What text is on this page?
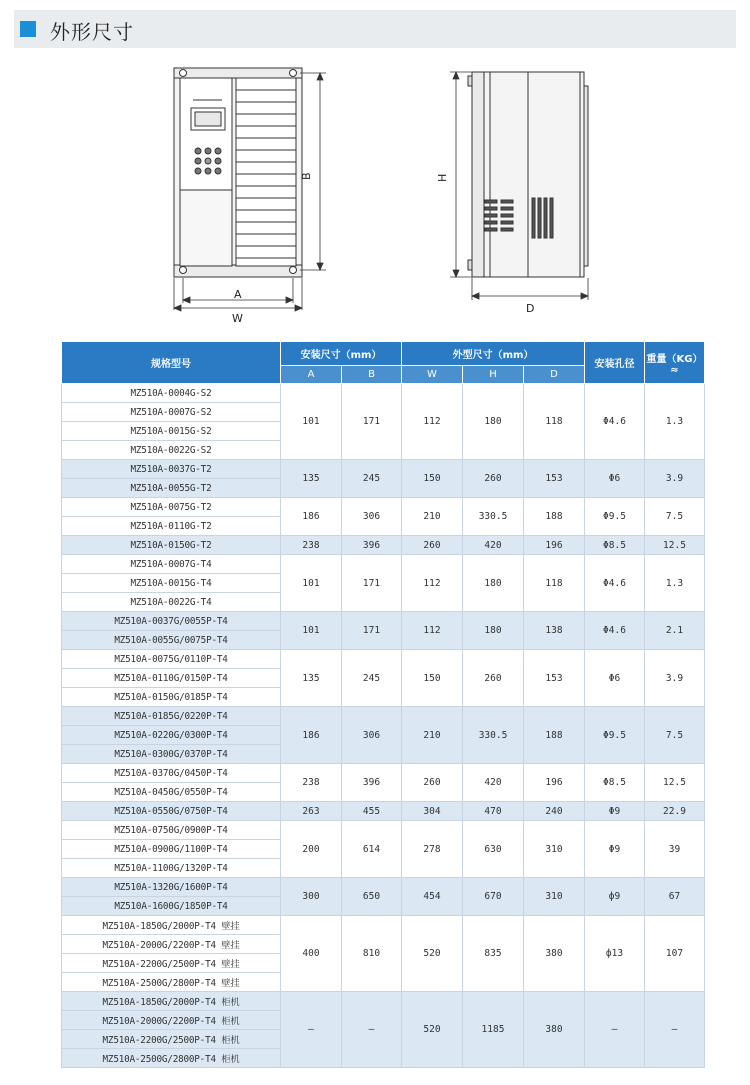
外形尺寸
B
A
W
H
D
规格型号	安装尺寸（mm）		外型尺寸（mm）			安装孔径	重量（KG）≈
	A	B	W	H	D		
MZ510A-0004G-S2	101	171	112	180	118	Φ4.6	1.3
MZ510A-0007G-S2							
MZ510A-0015G-S2							
MZ510A-0022G-S2							
MZ510A-0037G-T2	135	245	150	260	153	Φ6	3.9
MZ510A-0055G-T2							
MZ510A-0075G-T2	186	306	210	330.5	188	Φ9.5	7.5
MZ510A-0110G-T2							
MZ510A-0150G-T2	238	396	260	420	196	Φ8.5	12.5
MZ510A-0007G-T4	101	171	112	180	118	Φ4.6	1.3
MZ510A-0015G-T4							
MZ510A-0022G-T4							
MZ510A-0037G/0055P-T4	101	171	112	180	138	Φ4.6	2.1
MZ510A-0055G/0075P-T4							
MZ510A-0075G/0110P-T4	135	245	150	260	153	Φ6	3.9
MZ510A-0110G/0150P-T4							
MZ510A-0150G/0185P-T4							
MZ510A-0185G/0220P-T4	186	306	210	330.5	188	Φ9.5	7.5
MZ510A-0220G/0300P-T4							
MZ510A-0300G/0370P-T4							
MZ510A-0370G/0450P-T4	238	396	260	420	196	Φ8.5	12.5
MZ510A-0450G/0550P-T4							
MZ510A-0550G/0750P-T4	263	455	304	470	240	Φ9	22.9
MZ510A-0750G/0900P-T4	200	614	278	630	310	Φ9	39
MZ510A-0900G/1100P-T4							
MZ510A-1100G/1320P-T4							
MZ510A-1320G/1600P-T4	300	650	454	670	310	ф9	67
MZ510A-1600G/1850P-T4							
MZ510A-1850G/2000P-T4 壁挂	400	810	520	835	380	ф13	107
MZ510A-2000G/2200P-T4 壁挂							
MZ510A-2200G/2500P-T4 壁挂							
MZ510A-2500G/2800P-T4 壁挂							
MZ510A-1850G/2000P-T4 柜机	–	–	520	1185	380	–	–
MZ510A-2000G/2200P-T4 柜机							
MZ510A-2200G/2500P-T4 柜机							
MZ510A-2500G/2800P-T4 柜机							
